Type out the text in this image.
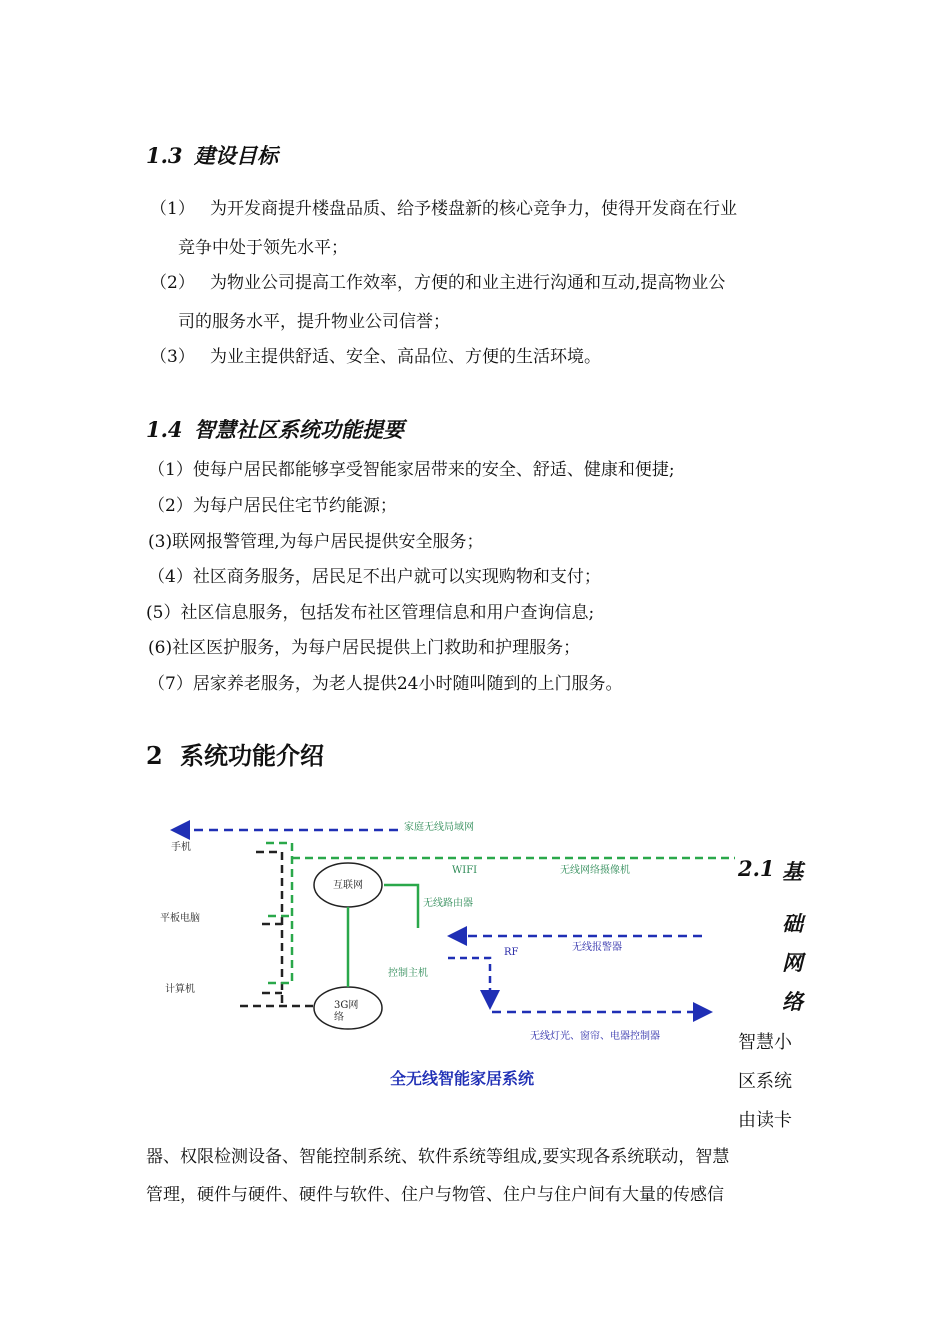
1.3 建设目标
（1） 为开发商提升楼盘品质、给予楼盘新的核心竞争力，使得开发商在行业
竞争中处于领先水平；
（2） 为物业公司提高工作效率，方便的和业主进行沟通和互动,提高物业公
司的服务水平，提升物业公司信誉；
（3） 为业主提供舒适、安全、高品位、方便的生活环境。
1.4 智慧社区系统功能提要
（1）使每户居民都能够享受智能家居带来的安全、舒适、健康和便捷;
（2）为每户居民住宅节约能源；
(3)联网报警管理,为每户居民提供安全服务；
（4）社区商务服务，居民足不出户就可以实现购物和支付；
(5）社区信息服务，包括发布社区管理信息和用户查询信息;
(6)社区医护服务，为每户居民提供上门救助和护理服务；
（7）居家养老服务，为老人提供24小时随叫随到的上门服务。
2 系统功能介绍
手机
平板电脑
计算机
家庭无线局域网
WIFI	无线网络摄像机
互联网
无线路由器
RF	无线报警器
控制主机
3G网
络
无线灯光、窗帘、电器控制器
全无线智能家居系统
2.1 基
础
网
络
智慧小
区系统
由读卡
器、权限检测设备、智能控制系统、软件系统等组成,要实现各系统联动，智慧
管理，硬件与硬件、硬件与软件、住户与物管、住户与住户间有大量的传感信
